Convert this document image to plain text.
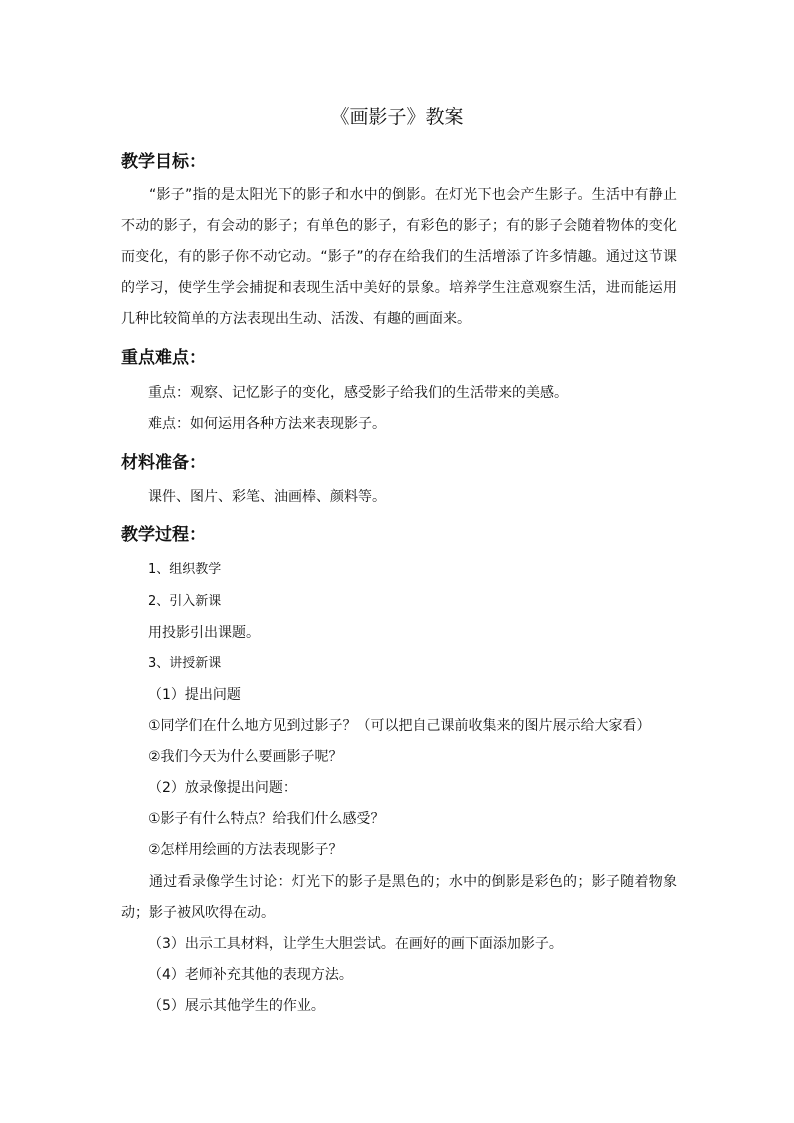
《画影子》教案
教学目标：
“影子”指的是太阳光下的影子和水中的倒影。在灯光下也会产生影子。生活中有静止不动的影子，有会动的影子；有单色的影子，有彩色的影子；有的影子会随着物体的变化而变化，有的影子你不动它动。“影子”的存在给我们的生活增添了许多情趣。通过这节课的学习，使学生学会捕捉和表现生活中美好的景象。培养学生注意观察生活，进而能运用几种比较简单的方法表现出生动、活泼、有趣的画面来。
重点难点：
重点：观察、记忆影子的变化，感受影子给我们的生活带来的美感。
难点：如何运用各种方法来表现影子。
材料准备：
课件、图片、彩笔、油画棒、颜料等。
教学过程：
1、组织教学
2、引入新课
用投影引出课题。
3、讲授新课
（1）提出问题
①同学们在什么地方见到过影子？（可以把自己课前收集来的图片展示给大家看）
②我们今天为什么要画影子呢？
（2）放录像提出问题：
①影子有什么特点？给我们什么感受？
②怎样用绘画的方法表现影子？
通过看录像学生讨论：灯光下的影子是黑色的；水中的倒影是彩色的；影子随着物象动；影子被风吹得在动。
（3）出示工具材料，让学生大胆尝试。在画好的画下面添加影子。
（4）老师补充其他的表现方法。
（5）展示其他学生的作业。
